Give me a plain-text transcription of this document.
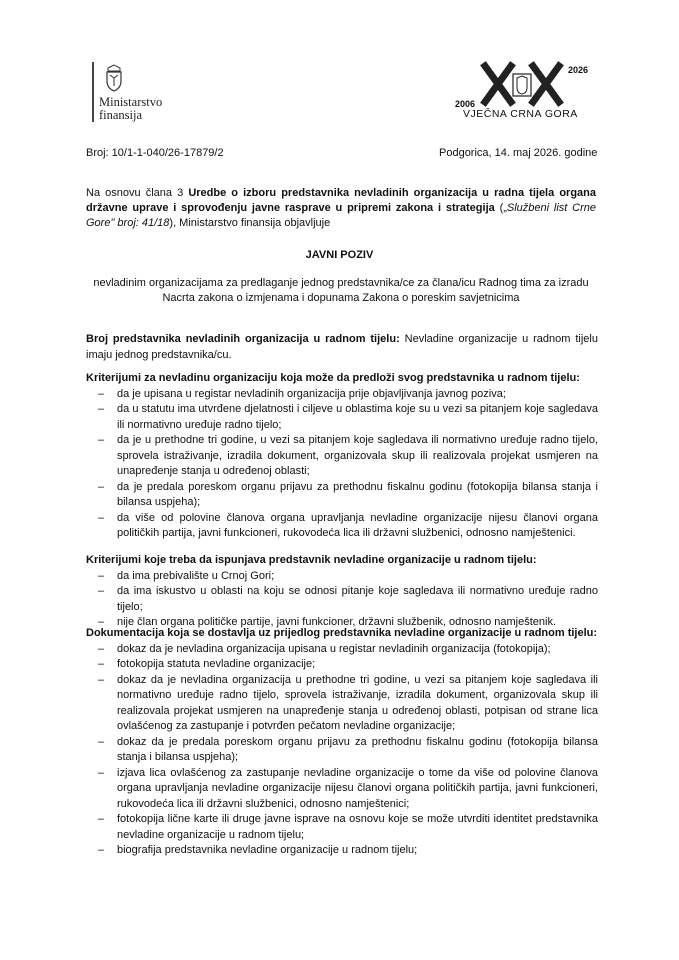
Ministarstvo
finansija
2006
2026
VJEČNA CRNA GORA
Broj: 10/1-1-040/26-17879/2	Podgorica, 14. maj 2026. godine
Na osnovu člana 3 Uredbe o izboru predstavnika nevladinih organizacija u radna tijela organa državne uprave i sprovođenju javne rasprave u pripremi zakona i strategija („Službeni list Crne Gore" broj: 41/18), Ministarstvo finansija objavljuje
JAVNI POZIV
nevladinim organizacijama za predlaganje jednog predstavnika/ce za člana/icu Radnog tima za izradu
Nacrta zakona o izmjenama i dopunama Zakona o poreskim savjetnicima
Broj predstavnika nevladinih organizacija u radnom tijelu: Nevladine organizacije u radnom tijelu imaju jednog predstavnika/cu.
Kriterijumi za nevladinu organizaciju koja može da predloži svog predstavnika u radnom tijelu:
– da je upisana u registar nevladinih organizacija prije objavljivanja javnog poziva;
– da u statutu ima utvrđene djelatnosti i ciljeve u oblastima koje su u vezi sa pitanjem koje sagledava ili normativno uređuje radno tijelo;
– da je u prethodne tri godine, u vezi sa pitanjem koje sagledava ili normativno uređuje radno tijelo, sprovela istraživanje, izradila dokument, organizovala skup ili realizovala projekat usmjeren na unapređenje stanja u određenoj oblasti;
– da je predala poreskom organu prijavu za prethodnu fiskalnu godinu (fotokopija bilansa stanja i bilansa uspjeha);
– da više od polovine članova organa upravljanja nevladine organizacije nijesu članovi organa političkih partija, javni funkcioneri, rukovodeća lica ili državni službenici, odnosno namještenici.
Kriterijumi koje treba da ispunjava predstavnik nevladine organizacije u radnom tijelu:
– da ima prebivalište u Crnoj Gori;
– da ima iskustvo u oblasti na koju se odnosi pitanje koje sagledava ili normativno uređuje radno tijelo;
– nije član organa političke partije, javni funkcioner, državni službenik, odnosno namještenik.
Dokumentacija koja se dostavlja uz prijedlog predstavnika nevladine organizacije u radnom tijelu:
– dokaz da je nevladina organizacija upisana u registar nevladinih organizacija (fotokopija);
– fotokopija statuta nevladine organizacije;
– dokaz da je nevladina organizacija u prethodne tri godine, u vezi sa pitanjem koje sagledava ili normativno uređuje radno tijelo, sprovela istraživanje, izradila dokument, organizovala skup ili realizovala projekat usmjeren na unapređenje stanja u određenoj oblasti, potpisan od strane lica ovlašćenog za zastupanje i potvrđen pečatom nevladine organizacije;
– dokaz da je predala poreskom organu prijavu za prethodnu fiskalnu godinu (fotokopija bilansa stanja i bilansa uspjeha);
– izjava lica ovlašćenog za zastupanje nevladine organizacije o tome da više od polovine članova organa upravljanja nevladine organizacije nijesu članovi organa političkih partija, javni funkcioneri, rukovodeća lica ili državni službenici, odnosno namještenici;
– fotokopija lične karte ili druge javne isprave na osnovu koje se može utvrditi identitet predstavnika nevladine organizacije u radnom tijelu;
– biografija predstavnika nevladine organizacije u radnom tijelu;
